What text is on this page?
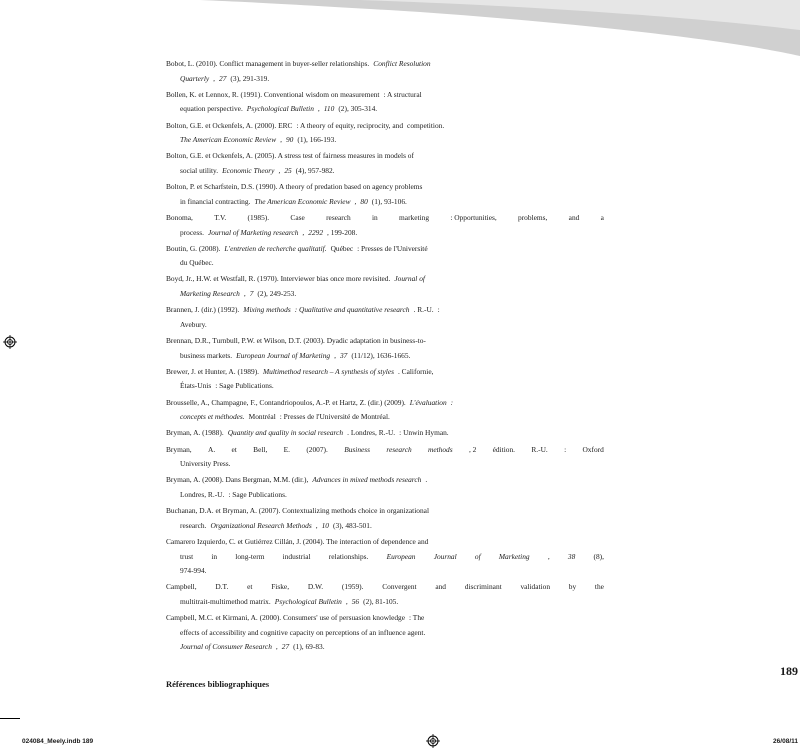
Bobot, L. (2010). Conflict management in buyer-seller relationships. Conflict Resolution
Quarterly , 27 (3), 291-319.
Bollen, K. et Lennox, R. (1991). Conventional wisdom on measurement : A structural
equation perspective. Psychological Bulletin , 110 (2), 305-314.
Bolton, G.E. et Ockenfels, A. (2000). ERC : A theory of equity, reciprocity, and competition.
The American Economic Review , 90 (1), 166-193.
Bolton, G.E. et Ockenfels, A. (2005). A stress test of fairness measures in models of
social utility. Economic Theory , 25 (4), 957-982.
Bolton, P. et Scharfstein, D.S. (1990). A theory of predation based on agency problems
in financial contracting. The American Economic Review , 80 (1), 93-106.
Bonoma,	T.V.	(1985).	Case	research	in	marketing	: Opportunities,	problems,	and	a
process. Journal of Marketing research , 2292 , 199-208.
Boutin, G. (2008). L'entretien de recherche qualitatif. Québec : Presses de l'Université
du Québec.
Boyd, Jr., H.W. et Westfall, R. (1970). Interviewer bias once more revisited. Journal of
Marketing Research , 7 (2), 249-253.
Brannen, J. (dir.) (1992). Mixing methods : Qualitative and quantitative research . R.-U. :
Avebury.
Brennan, D.R., Turnbull, P.W. et Wilson, D.T. (2003). Dyadic adaptation in business-to-
business markets. European Journal of Marketing , 37 (11/12), 1636-1665.
Brewer, J. et Hunter, A. (1989). Multimethod research – A synthesis of styles . Californie,
États-Unis : Sage Publications.
Brousselle, A., Champagne, F., Contandriopoulos, A.-P. et Hartz, Z. (dir.) (2009). L'évaluation :
concepts et méthodes. Montréal : Presses de l'Université de Montréal.
Bryman, A. (1988). Quantity and quality in social research . Londres, R.-U. : Unwin Hyman.
Bryman,	A.	et	Bell,	E.	(2007).	Business	research	methods	, 2	édition.	R.-U.	:	Oxford
University Press.
Bryman, A. (2008). Dans Bergman, M.M. (dir.), Advances in mixed methods research .
Londres, R.-U. : Sage Publications.
Buchanan, D.A. et Bryman, A. (2007). Contextualizing methods choice in organizational
research. Organizational Research Methods , 10 (3), 483-501.
Camarero Izquierdo, C. et Gutiérrez Cillán, J. (2004). The interaction of dependence and
trust	in	long-term	industrial	relationships.	European	Journal	of	Marketing	,	38	(8),
974-994.
Campbell,	D.T.	et	Fiske,	D.W.	(1959).	Convergent	and	discriminant	validation	by	the
multitrait-multimethod matrix. Psychological Bulletin , 56 (2), 81-105.
Campbell, M.C. et Kirmani, A. (2000). Consumers' use of persuasion knowledge : The
effects of accessibility and cognitive capacity on perceptions of an influence agent.
Journal of Consumer Research , 27 (1), 69-83.
189
Références bibliographiques
024084_Meely.indb 189	26/08/11
